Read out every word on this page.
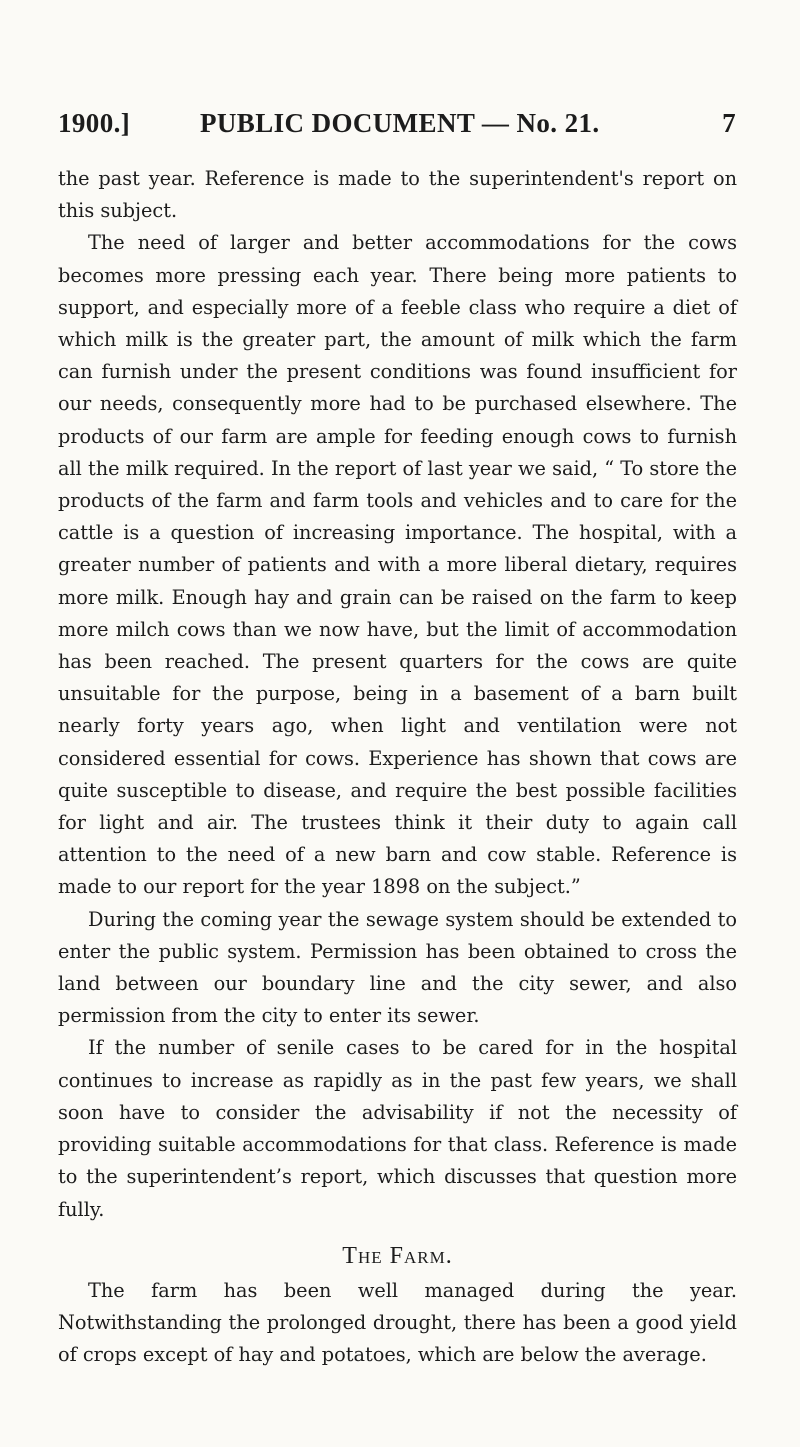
1900.]	PUBLIC DOCUMENT — No. 21.	7

the past year. Reference is made to the superintendent's report on this subject.

The need of larger and better accommodations for the cows becomes more pressing each year. There being more patients to support, and especially more of a feeble class who require a diet of which milk is the greater part, the amount of milk which the farm can furnish under the present conditions was found insufficient for our needs, consequently more had to be purchased elsewhere. The products of our farm are ample for feeding enough cows to furnish all the milk required. In the report of last year we said, “ To store the products of the farm and farm tools and vehicles and to care for the cattle is a question of increasing importance. The hospital, with a greater number of patients and with a more liberal dietary, requires more milk. Enough hay and grain can be raised on the farm to keep more milch cows than we now have, but the limit of accommodation has been reached. The present quarters for the cows are quite unsuitable for the purpose, being in a basement of a barn built nearly forty years ago, when light and ventilation were not considered essential for cows. Experience has shown that cows are quite susceptible to disease, and require the best possible facilities for light and air. The trustees think it their duty to again call attention to the need of a new barn and cow stable. Reference is made to our report for the year 1898 on the subject.”

During the coming year the sewage system should be extended to enter the public system. Permission has been obtained to cross the land between our boundary line and the city sewer, and also permission from the city to enter its sewer.

If the number of senile cases to be cared for in the hospital continues to increase as rapidly as in the past few years, we shall soon have to consider the advisability if not the necessity of providing suitable accommodations for that class. Reference is made to the superintendent’s report, which discusses that question more fully.

The Farm.

The farm has been well managed during the year. Notwithstanding the prolonged drought, there has been a good yield of crops except of hay and potatoes, which are below the average.
